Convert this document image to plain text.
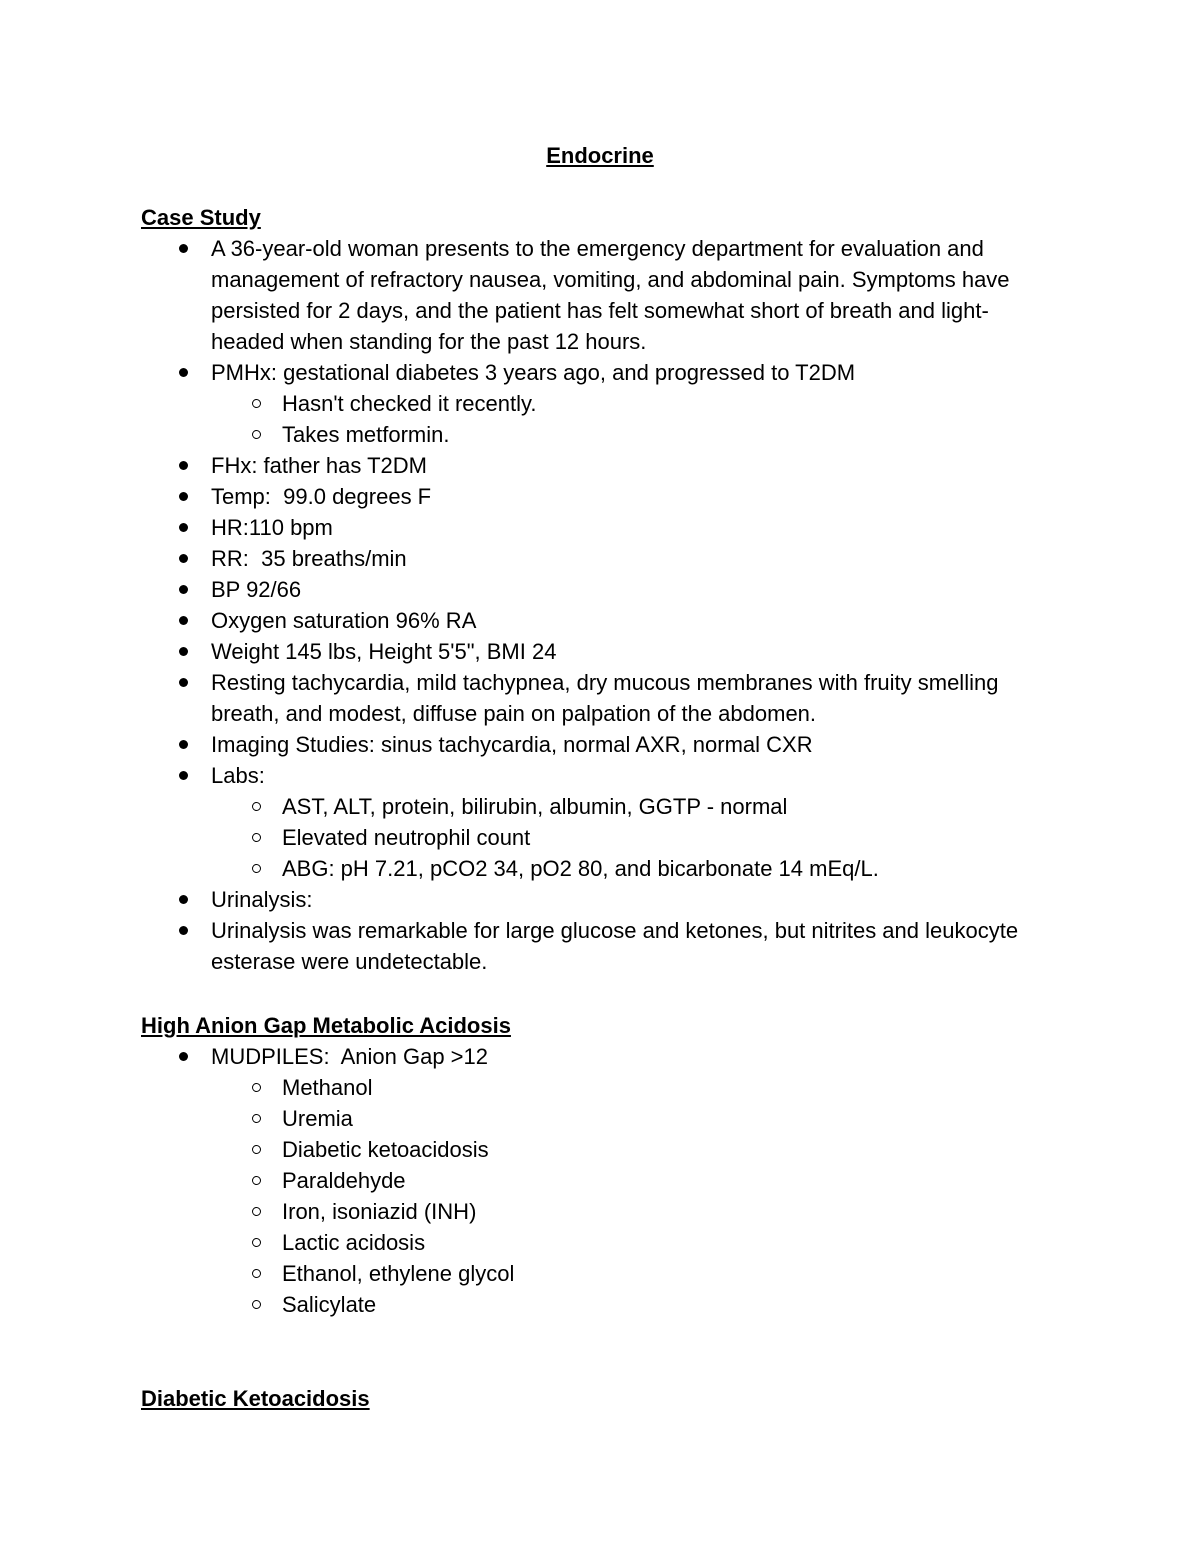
Endocrine
Case Study
A 36-year-old woman presents to the emergency department for evaluation and management of refractory nausea, vomiting, and abdominal pain. Symptoms have persisted for 2 days, and the patient has felt somewhat short of breath and light-headed when standing for the past 12 hours.
PMHx: gestational diabetes 3 years ago, and progressed to T2DM
Hasn't checked it recently.
Takes metformin.
FHx: father has T2DM
Temp:  99.0 degrees F
HR:110 bpm
RR:  35 breaths/min
BP 92/66
Oxygen saturation 96% RA
Weight 145 lbs, Height 5'5", BMI 24
Resting tachycardia, mild tachypnea, dry mucous membranes with fruity smelling breath, and modest, diffuse pain on palpation of the abdomen.
Imaging Studies: sinus tachycardia, normal AXR, normal CXR
Labs:
AST, ALT, protein, bilirubin, albumin, GGTP - normal
Elevated neutrophil count
ABG: pH 7.21, pCO2 34, pO2 80, and bicarbonate 14 mEq/L.
Urinalysis:
Urinalysis was remarkable for large glucose and ketones, but nitrites and leukocyte esterase were undetectable.
High Anion Gap Metabolic Acidosis
MUDPILES:  Anion Gap >12
Methanol
Uremia
Diabetic ketoacidosis
Paraldehyde
Iron, isoniazid (INH)
Lactic acidosis
Ethanol, ethylene glycol
Salicylate
Diabetic Ketoacidosis
